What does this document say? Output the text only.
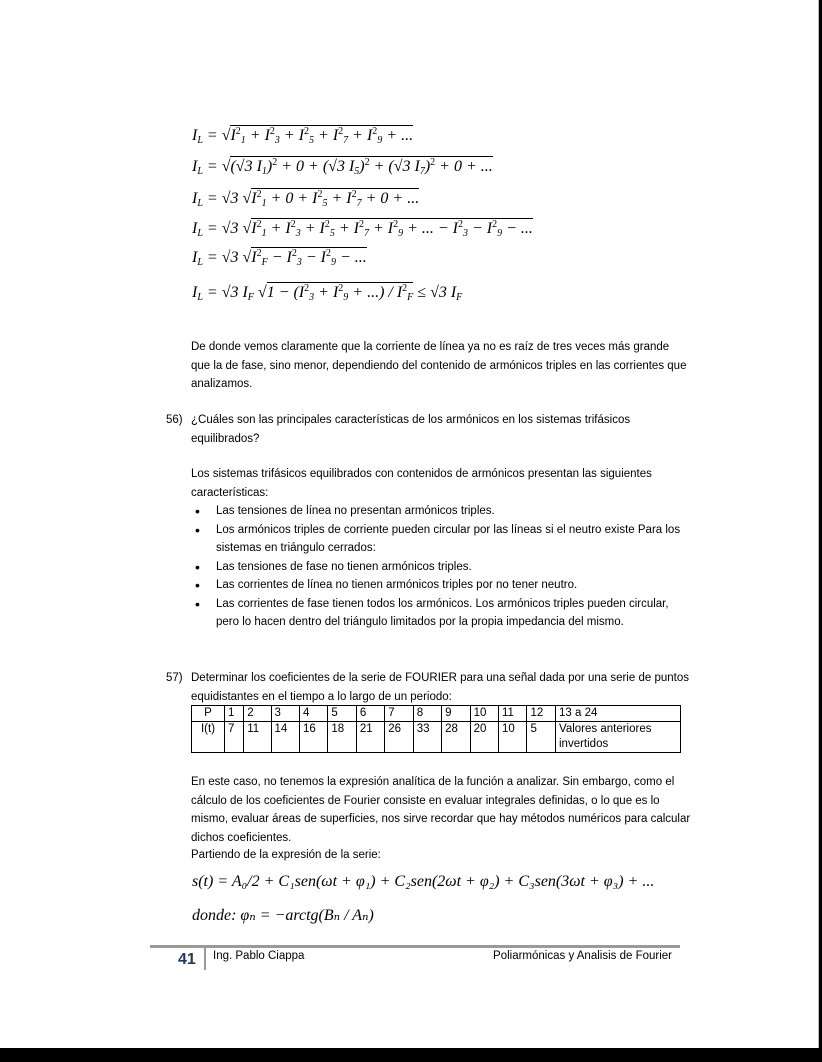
IL = $√I^21 + I^23 + I^25 + I^27 + I^29$ + ...
IL = √(√3 I1)$^2$ + 0 + (√3 I5)$^2$ + (√3 I7)$^2$ + 0 + ...
IL = √3 $√I^21 + 0 + I^25 + I^27 + 0$ + ...
IL = √3 $√I^21 + I^23 + I^25 + I^27 + I^29$ + ... − $I^23 - I^29$ − ...
IL = √3 $√I^2F - I^23 - I^29$ − ...
IL = √3 IF $√1 - (I^23 + I^29$ + ...) / $I^2F \le √3$ IF

De donde vemos claramente que la corriente de línea ya no es raíz de tres veces más grande que la de fase, sino menor, dependiendo del contenido de armónicos triples en las corrientes que analizamos.

56) ¿Cuáles son las principales características de los armónicos en los sistemas trifásicos equilibrados?

Los sistemas trifásicos equilibrados con contenidos de armónicos presentan las siguientes características:

• Las tensiones de línea no presentan armónicos triples.
• Los armónicos triples de corriente pueden circular por las líneas si el neutro existe Para los sistemas en triángulo cerrados:
• Las tensiones de fase no tienen armónicos triples.
• Las corrientes de línea no tienen armónicos triples por no tener neutro.
• Las corrientes de fase tienen todos los armónicos. Los armónicos triples pueden circular, pero lo hacen dentro del triángulo limitados por la propia impedancia del mismo.
57) Determinar los coeficientes de la serie de FOURIER para una señal dada por una serie de puntos equidistantes en el tiempo a lo largo de un periodo:

P	1	2	3	4	5	6	7	8	9	10	11	12	13 a 24
I(t)	7	11	14	16	18	21	26	33	28	20	10	5	Valores anteriores invertidos

En este caso, no tenemos la expresión analítica de la función a analizar. Sin embargo, como el cálculo de los coeficientes de Fourier consiste en evaluar integrales definidas, o lo que es lo mismo, evaluar áreas de superficies, nos sirve recordar que hay métodos numéricos para calcular dichos coeficientes.

Partiendo de la expresión de la serie:

s(t) = A₀/2 + C₁sen(ωt + φ₁) + C₂sen(2ωt + φ₂) + C₃sen(3ωt + φ₃) + ...
donde: φₙ = −arctg(Bₙ / Aₙ)
41 Ing. Pablo Ciappa	Poliarmónicas y Analisis de Fourier
